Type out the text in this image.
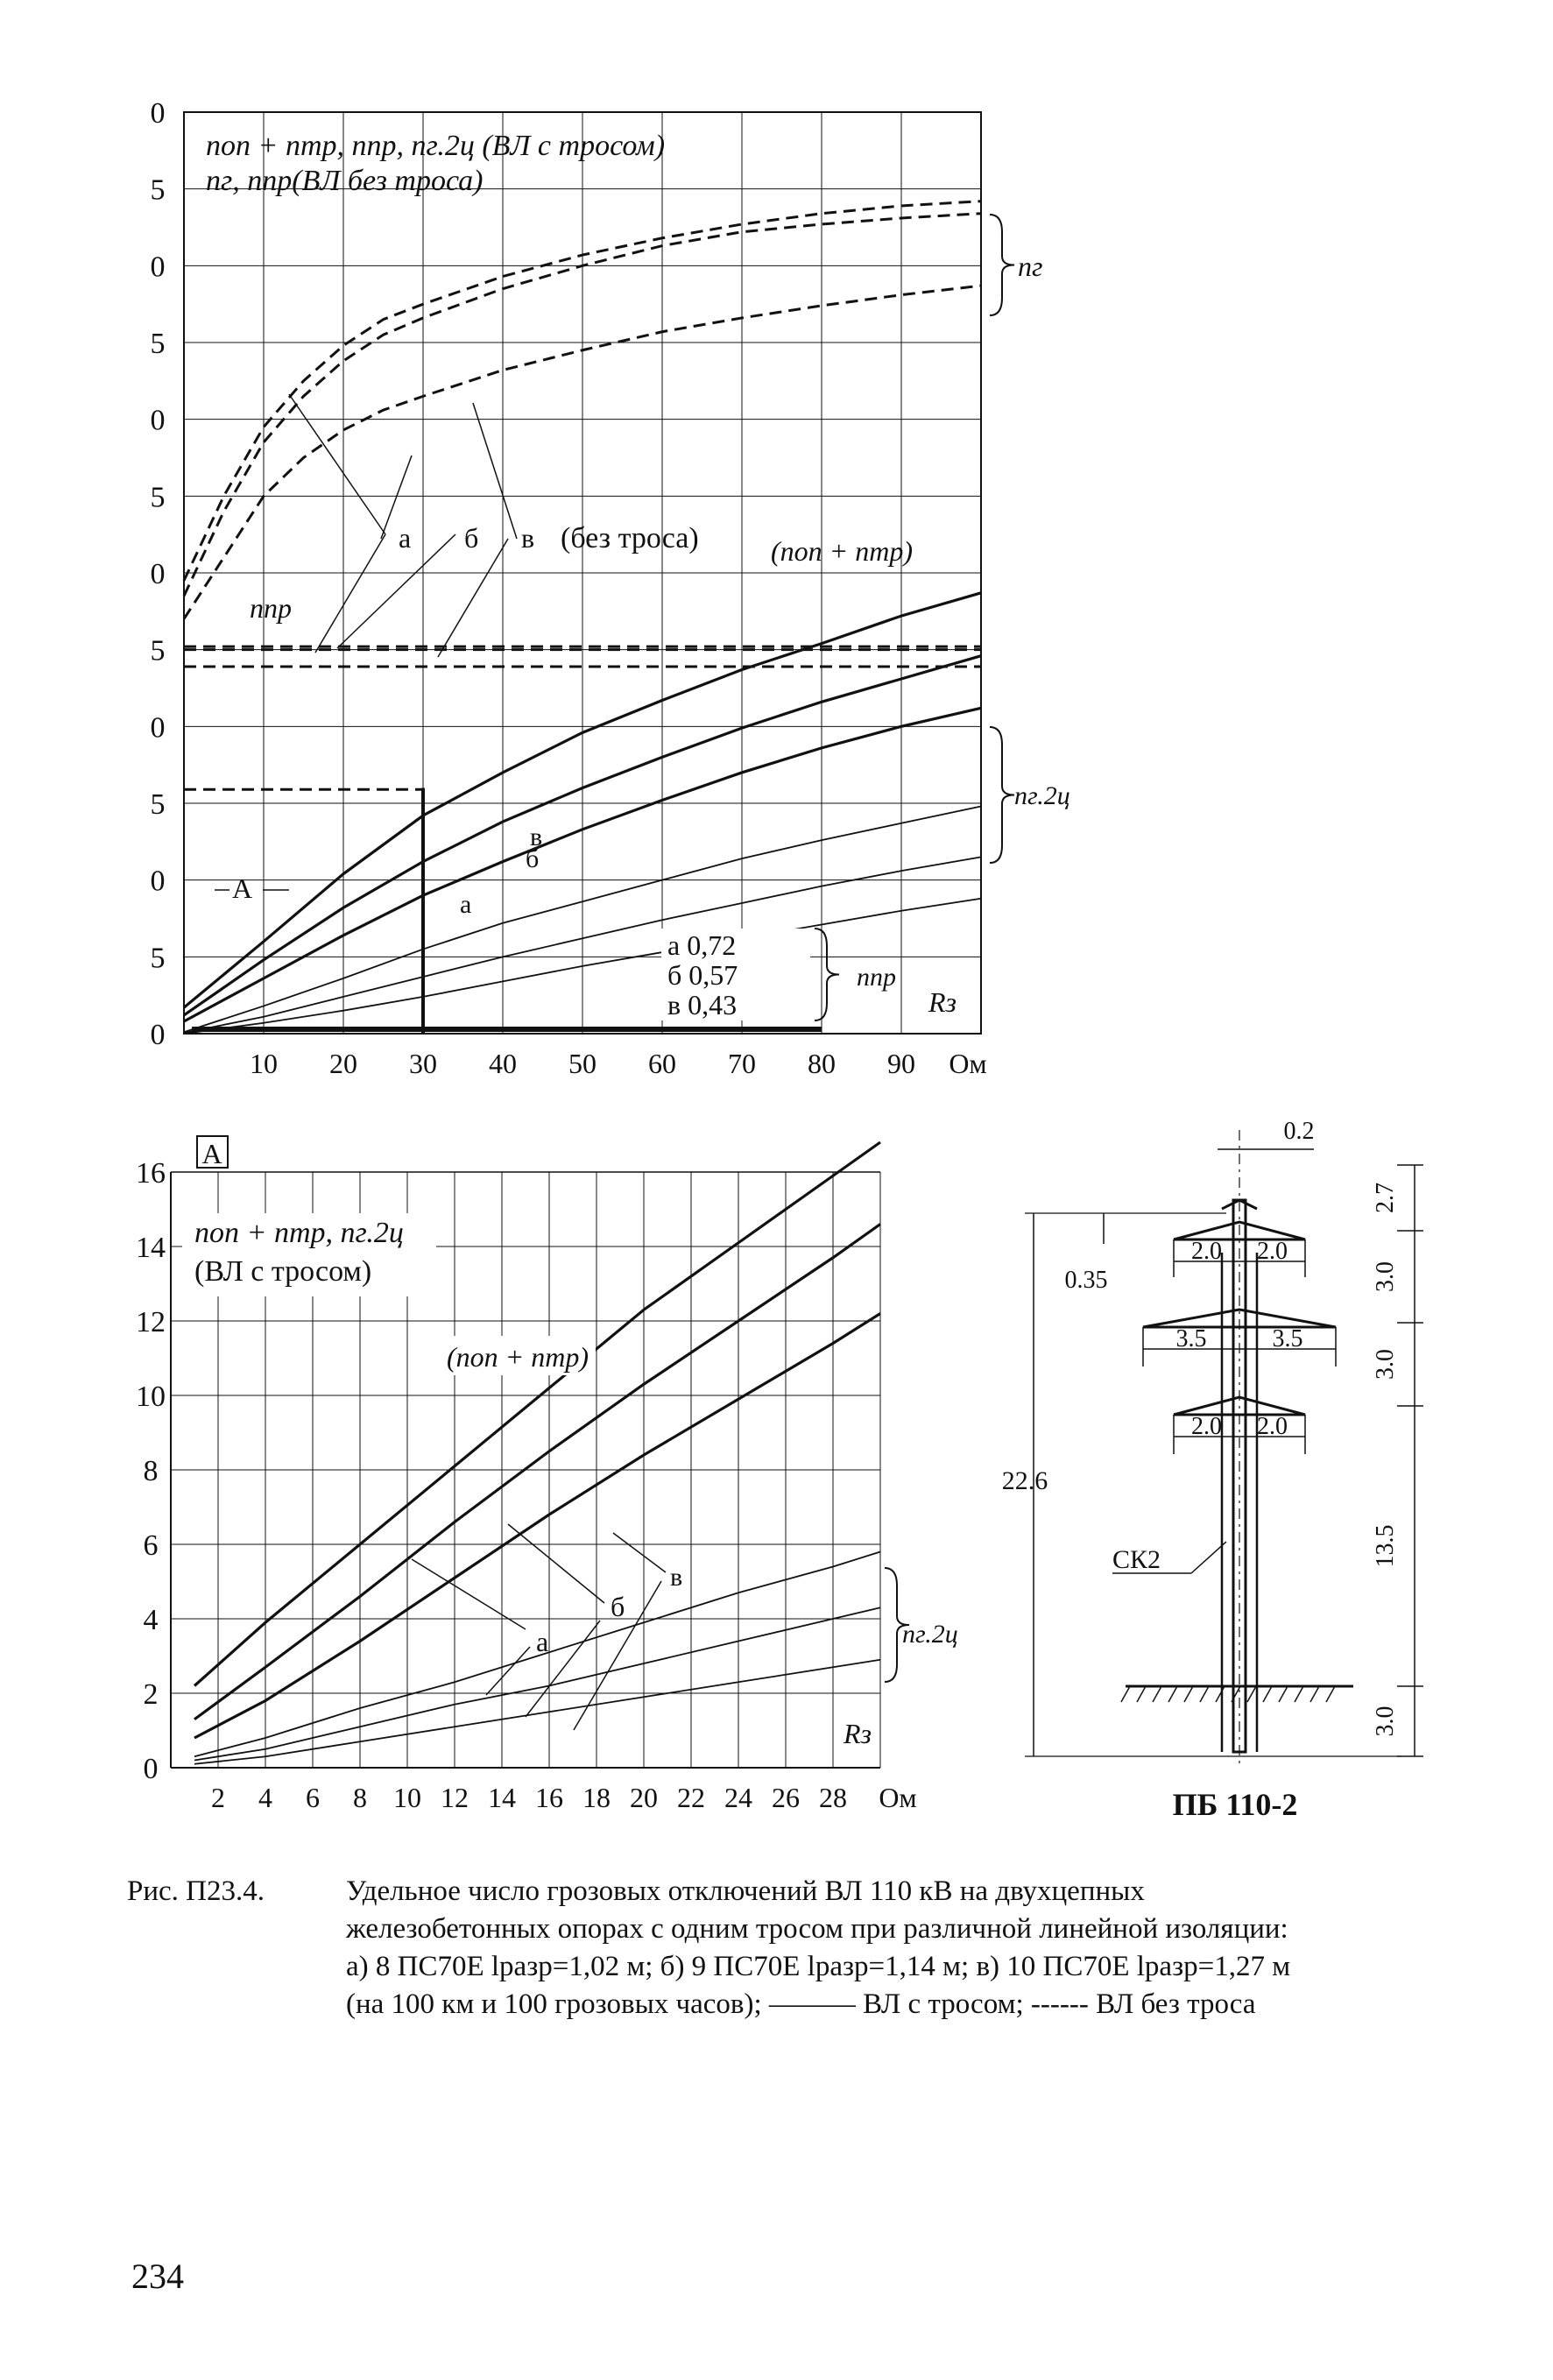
0
5
0
5
0
5
0
5
0
5
0
5
0
10 20 30 40 50 60 70 80 90 Ом
nоп + nтр, nпр, nг.2ц (ВЛ с тросом)
nг, nпр(ВЛ без троса)
а б в (без троса)	(nоп + nтр)
nпр
в
б
а
А
Rз
а 0,72
б 0,57
в 0,43
nпр
nг
nг.2ц
А
0
2
4
6
8
10
12
14
16
2 4 6 8 10 12 14 16 18 20 22 24 26 28 Ом
nоп + nтр, nг.2ц
(ВЛ с тросом)
(nоп + nтр)
а
б
в
nг.2ц
Rз
2.0 2.0
3.5	3.5
2.0 2.0
22.6
0.35
0.2
2.7
3.0
3.0
13.5
3.0
СК2
ПБ 110-2
Рис. П23.4.	Удельное число грозовых отключений ВЛ 110 кВ на двухцепных
железобетонных опорах с одним тросом при различной линейной изоляции:
а) 8 ПС70Е lразр=1,02 м; б) 9 ПС70Е lразр=1,14 м; в) 10 ПС70Е lразр=1,27 м
(на 100 км и 100 грозовых часов); ——— ВЛ с тросом; ------ ВЛ без троса
234
